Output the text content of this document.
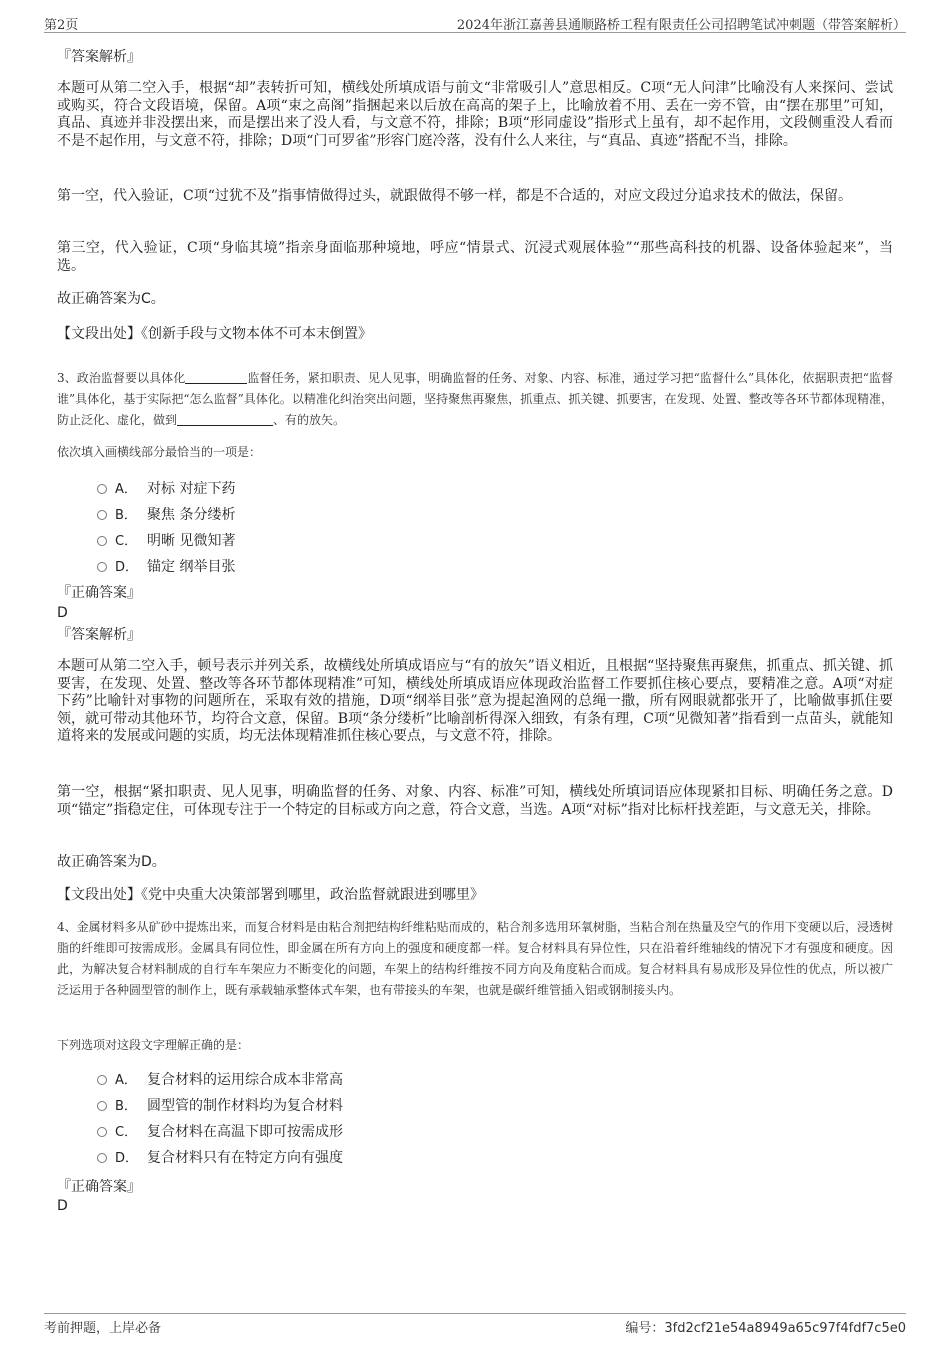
第2页	2024年浙江嘉善县通顺路桥工程有限责任公司招聘笔试冲刺题（带答案解析）
『答案解析』
本题可从第二空入手，根据“却”表转折可知，横线处所填成语与前文“非常吸引人”意思相反。C项“无人问津”比喻没有人来探问、尝试或购买，符合文段语境，保留。A项“束之高阁”指捆起来以后放在高高的架子上，比喻放着不用、丢在一旁不管，由“摆在那里”可知，真品、真迹并非没摆出来，而是摆出来了没人看，与文意不符，排除；B项“形同虚设”指形式上虽有，却不起作用，文段侧重没人看而不是不起作用，与文意不符，排除；D项“门可罗雀”形容门庭冷落，没有什么人来往，与“真品、真迹”搭配不当，排除。
第一空，代入验证，C项“过犹不及”指事情做得过头，就跟做得不够一样，都是不合适的，对应文段过分追求技术的做法，保留。
第三空，代入验证，C项“身临其境”指亲身面临那种境地，呼应“情景式、沉浸式观展体验”“那些高科技的机器、设备体验起来”，当选。
故正确答案为C。
【文段出处】《创新手段与文物本体不可本末倒置》
3、政治监督要以具体化	监督任务，紧扣职责、见人见事，明确监督的任务、对象、内容、标准，通过学习把“监督什么”具体化，依据职责把“监督谁”具体化，基于实际把“怎么监督”具体化。以精准化纠治突出问题，坚持聚焦再聚焦，抓重点、抓关键、抓要害，在发现、处置、整改等各环节都体现精准，防止泛化、虚化，做到	、有的放矢。
依次填入画横线部分最恰当的一项是：
A． 对标 对症下药
B． 聚焦 条分缕析
C． 明晰 见微知著
D． 锚定 纲举目张
『正确答案』
D
『答案解析』
本题可从第二空入手，顿号表示并列关系，故横线处所填成语应与“有的放矢”语义相近，且根据“坚持聚焦再聚焦，抓重点、抓关键、抓要害，在发现、处置、整改等各环节都体现精准”可知，横线处所填成语应体现政治监督工作要抓住核心要点，要精准之意。A项“对症下药”比喻针对事物的问题所在，采取有效的措施，D项“纲举目张”意为提起渔网的总绳一撒，所有网眼就都张开了，比喻做事抓住要领，就可带动其他环节，均符合文意，保留。B项“条分缕析”比喻剖析得深入细致，有条有理，C项“见微知著”指看到一点苗头，就能知道将来的发展或问题的实质，均无法体现精准抓住核心要点，与文意不符，排除。
第一空，根据“紧扣职责、见人见事，明确监督的任务、对象、内容、标准”可知，横线处所填词语应体现紧扣目标、明确任务之意。D项“锚定”指稳定住，可体现专注于一个特定的目标或方向之意，符合文意，当选。A项“对标”指对比标杆找差距，与文意无关，排除。
故正确答案为D。
【文段出处】《党中央重大决策部署到哪里，政治监督就跟进到哪里》
4、金属材料多从矿砂中提炼出来，而复合材料是由粘合剂把结构纤维粘贴而成的，粘合剂多选用环氧树脂，当粘合剂在热量及空气的作用下变硬以后，浸透树脂的纤维即可按需成形。金属具有同位性，即金属在所有方向上的强度和硬度都一样。复合材料具有异位性，只在沿着纤维轴线的情况下才有强度和硬度。因此，为解决复合材料制成的自行车车架应力不断变化的问题，车架上的结构纤维按不同方向及角度粘合而成。复合材料具有易成形及异位性的优点，所以被广泛运用于各种圆型管的制作上，既有承载轴承整体式车架，也有带接头的车架，也就是碳纤维管插入铝或钢制接头内。
下列选项对这段文字理解正确的是：
A． 复合材料的运用综合成本非常高
B． 圆型管的制作材料均为复合材料
C． 复合材料在高温下即可按需成形
D． 复合材料只有在特定方向有强度
『正确答案』
D
考前押题，上岸必备	编号：3fd2cf21e54a8949a65c97f4fdf7c5e0
